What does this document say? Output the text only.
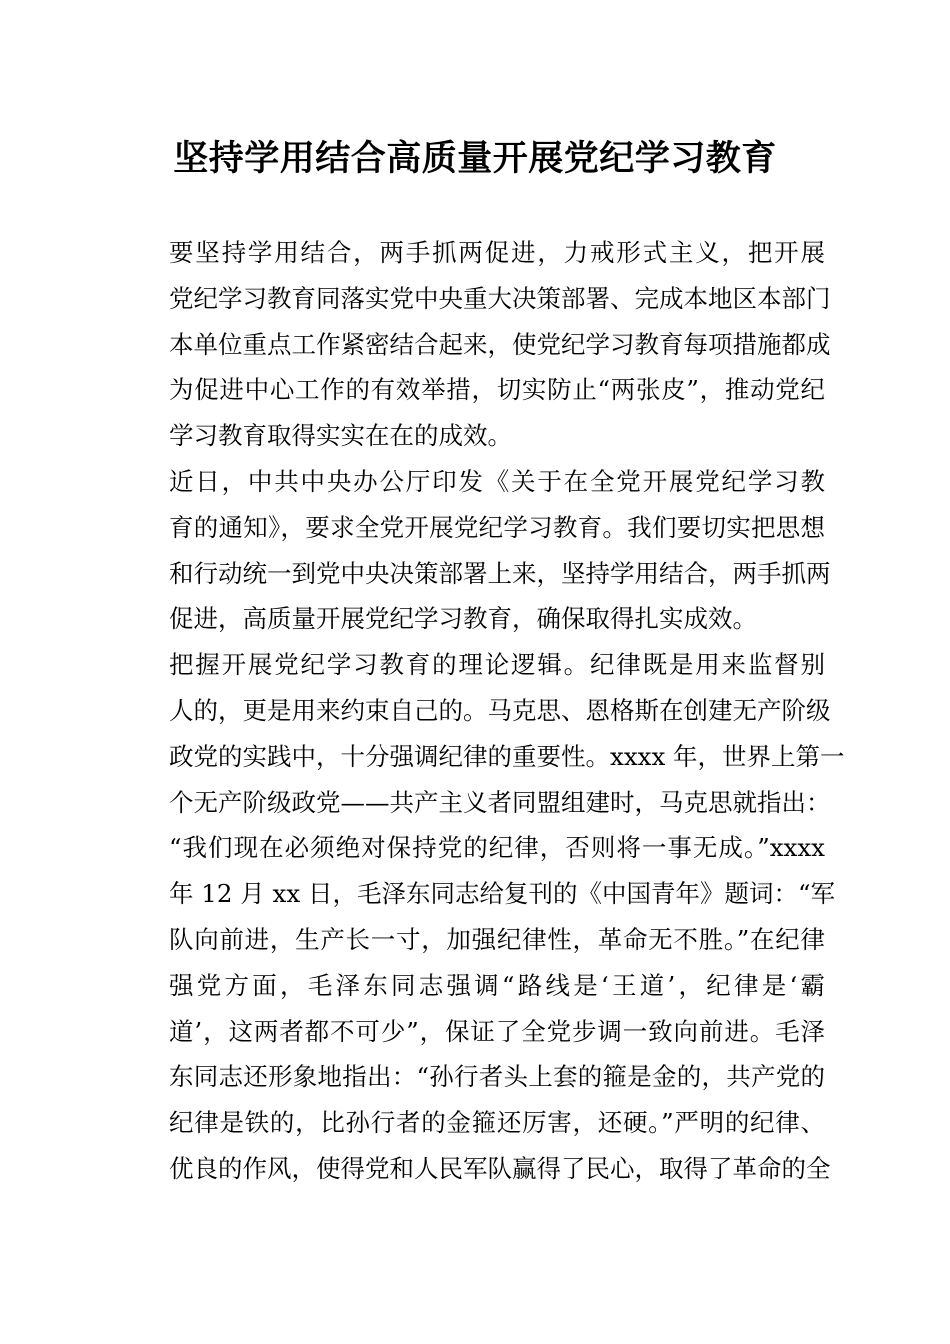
坚持学用结合高质量开展党纪学习教育
要坚持学用结合，两手抓两促进，力戒形式主义，把开展
党纪学习教育同落实党中央重大决策部署、完成本地区本部门
本单位重点工作紧密结合起来，使党纪学习教育每项措施都成
为促进中心工作的有效举措，切实防止“两张皮”，推动党纪
学习教育取得实实在在的成效。
近日，中共中央办公厅印发《关于在全党开展党纪学习教
育的通知》，要求全党开展党纪学习教育。我们要切实把思想
和行动统一到党中央决策部署上来，坚持学用结合，两手抓两
促进，高质量开展党纪学习教育，确保取得扎实成效。
把握开展党纪学习教育的理论逻辑。纪律既是用来监督别
人的，更是用来约束自己的。马克思、恩格斯在创建无产阶级
政党的实践中，十分强调纪律的重要性。xxxx 年，世界上第一
个无产阶级政党——共产主义者同盟组建时，马克思就指出：
“我们现在必须绝对保持党的纪律，否则将一事无成。”xxxx
年 12 月 xx 日，毛泽东同志给复刊的《中国青年》题词：“军
队向前进，生产长一寸，加强纪律性，革命无不胜。”在纪律
强党方面，毛泽东同志强调“路线是‘王道’，纪律是‘霸
道’，这两者都不可少”，保证了全党步调一致向前进。毛泽
东同志还形象地指出：“孙行者头上套的箍是金的，共产党的
纪律是铁的，比孙行者的金箍还厉害，还硬。”严明的纪律、
优良的作风，使得党和人民军队赢得了民心，取得了革命的全
